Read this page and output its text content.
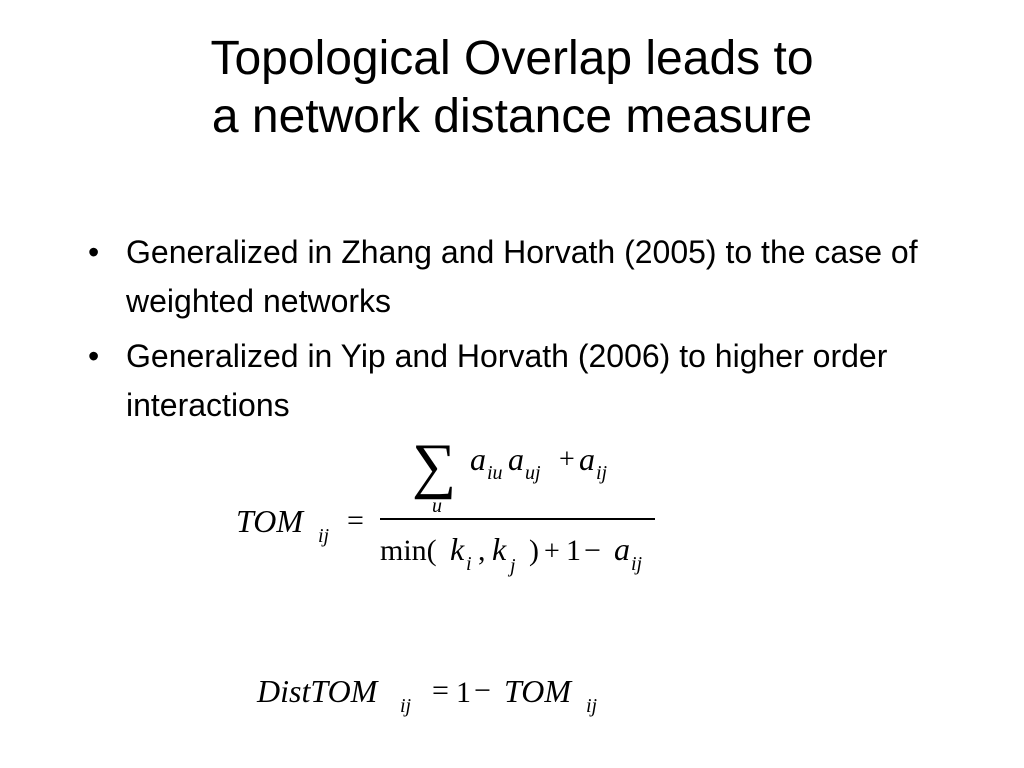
Topological Overlap leads to
a network distance measure
• Generalized in Zhang and Horvath (2005) to the case of weighted networks
• Generalized in Yip and Horvath (2006) to higher order interactions
TOM ij =
∑
u
a iu a uj + a ij
min( k i , k j ) + 1 − a ij
DistTOM ij = 1 − TOM ij
